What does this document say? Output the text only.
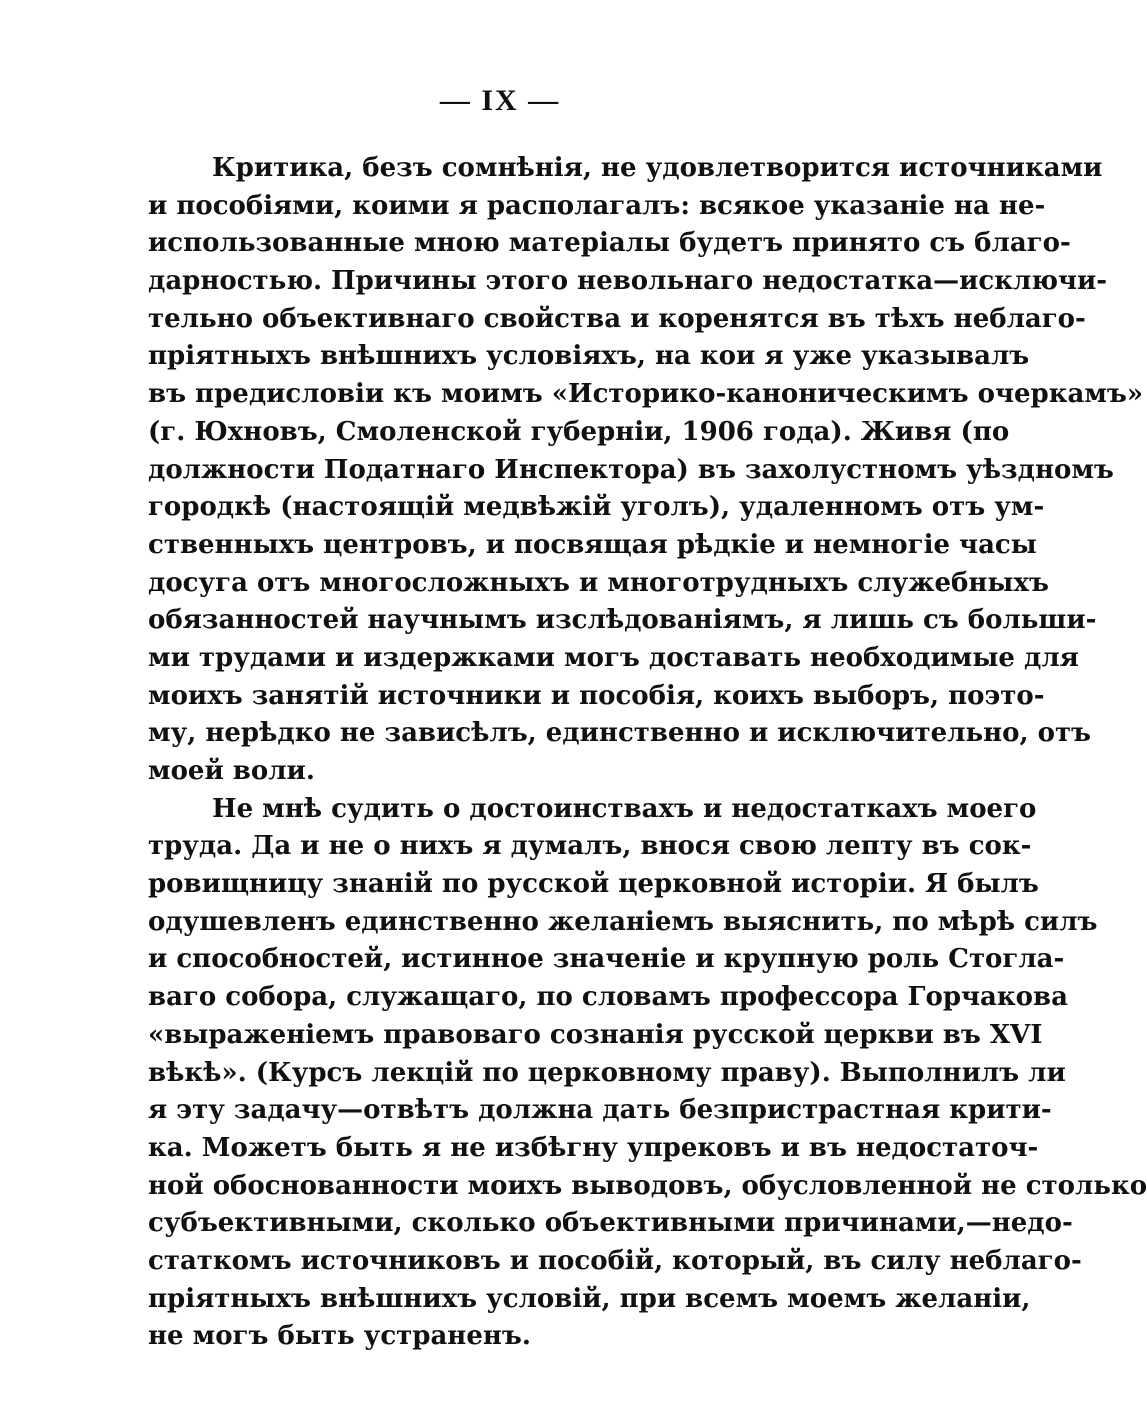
— IX —
Критика, безъ сомнѣнія, не удовлетворится источниками
и пособіями, коими я располагалъ: всякое указаніе на не-
использованные мною матеріалы будетъ принято съ благо-
дарностью. Причины этого невольнаго недостатка—исключи-
тельно объективнаго свойства и коренятся въ тѣхъ неблаго-
пріятныхъ внѣшнихъ условіяхъ, на кои я уже указывалъ
въ предисловіи къ моимъ «Историко-каноническимъ очеркамъ»
(г. Юхновъ, Смоленской губерніи, 1906 года). Живя (по
должности Податнаго Инспектора) въ захолустномъ уѣздномъ
городкѣ (настоящій медвѣжій уголъ), удаленномъ отъ ум-
ственныхъ центровъ, и посвящая рѣдкіе и немногіе часы
досуга отъ многосложныхъ и многотрудныхъ служебныхъ
обязанностей научнымъ изслѣдованіямъ, я лишь съ больши-
ми трудами и издержками могъ доставать необходимые для
моихъ занятій источники и пособія, коихъ выборъ, поэто-
му, нерѣдко не зависѣлъ, единственно и исключительно, отъ
моей воли.
Не мнѣ судить о достоинствахъ и недостаткахъ моего
труда. Да и не о нихъ я думалъ, внося свою лепту въ сок-
ровищницу знаній по русской церковной исторіи. Я былъ
одушевленъ единственно желаніемъ выяснить, по мѣрѣ силъ
и способностей, истинное значеніе и крупную роль Стогла-
ваго собора, служащаго, по словамъ профессора Горчакова
«выраженіемъ правоваго сознанія русской церкви въ XVI
вѣкѣ». (Курсъ лекцій по церковному праву). Выполнилъ ли
я эту задачу—отвѣтъ должна дать безпристрастная крити-
ка. Можетъ быть я не избѣгну упрековъ и въ недостаточ-
ной обоснованности моихъ выводовъ, обусловленной не столько
субъективными, сколько объективными причинами,—недо-
статкомъ источниковъ и пособій, который, въ силу неблаго-
пріятныхъ внѣшнихъ условій, при всемъ моемъ желаніи,
не могъ быть устраненъ.
